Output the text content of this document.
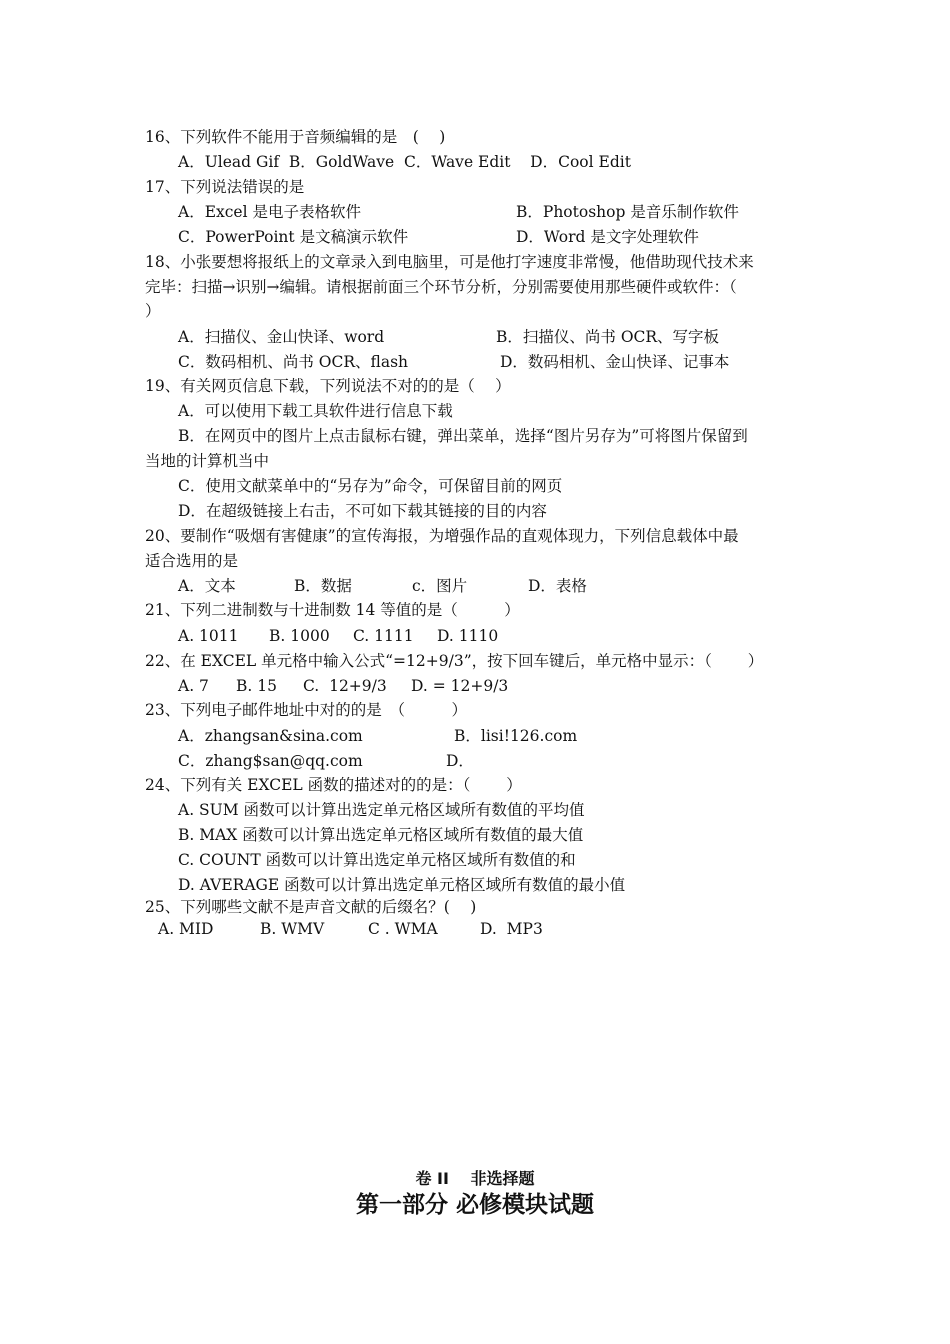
16、下列软件不能用于音频编辑的是　(　 )
A．Ulead Gif  B．GoldWave  C．Wave Edit    D．Cool Edit
17、下列说法错误的是
A．Excel 是电子表格软件	B．Photoshop 是音乐制作软件
C．PowerPoint 是文稿演示软件	D．Word 是文字处理软件
18、小张要想将报纸上的文章录入到电脑里，可是他打字速度非常慢，他借助现代技术来
完毕：扫描→识别→编辑。请根据前面三个环节分析，分别需要使用那些硬件或软件：（
）
A．扫描仪、金山快译、word	B．扫描仪、尚书 OCR、写字板
C．数码相机、尚书 OCR、flash	D．数码相机、金山快译、记事本
19、有关网页信息下载，下列说法不对的的是（　 ）
A．可以使用下载工具软件进行信息下载
B．在网页中的图片上点击鼠标右键，弹出菜单，选择“图片另存为”可将图片保留到
当地的计算机当中
C．使用文献菜单中的“另存为”命令，可保留目前的网页
D．在超级链接上右击，不可如下载其链接的目的内容
20、要制作“吸烟有害健康”的宣传海报，为增强作品的直观体现力，下列信息载体中最
适合选用的是
A．文本	B．数据	c．图片	D．表格
21、下列二进制数与十进制数 14 等值的是（　　　）
A. 1011 B. 1000 C. 1111 D. 1110
22、在 EXCEL 单元格中输入公式“=12+9/3”，按下回车键后，单元格中显示：（　　 ）
A. 7 B. 15 C.  12+9/3 D. = 12+9/3
23、下列电子邮件地址中对的的是　（　　　）
A．zhangsan&sina.com	B．lisi!126.com
C．zhang$san@qq.com	D．
24、下列有关 EXCEL 函数的描述对的的是：（　　 ）
A. SUM 函数可以计算出选定单元格区域所有数值的平均值
B. MAX 函数可以计算出选定单元格区域所有数值的最大值
C. COUNT 函数可以计算出选定单元格区域所有数值的和
D. AVERAGE 函数可以计算出选定单元格区域所有数值的最小值
25、下列哪些文献不是声音文献的后缀名？(　 )
A. MID	B. WMV	C . WMA	D.  MP3
卷 II　 非选择题
第一部分 必修模块试题
